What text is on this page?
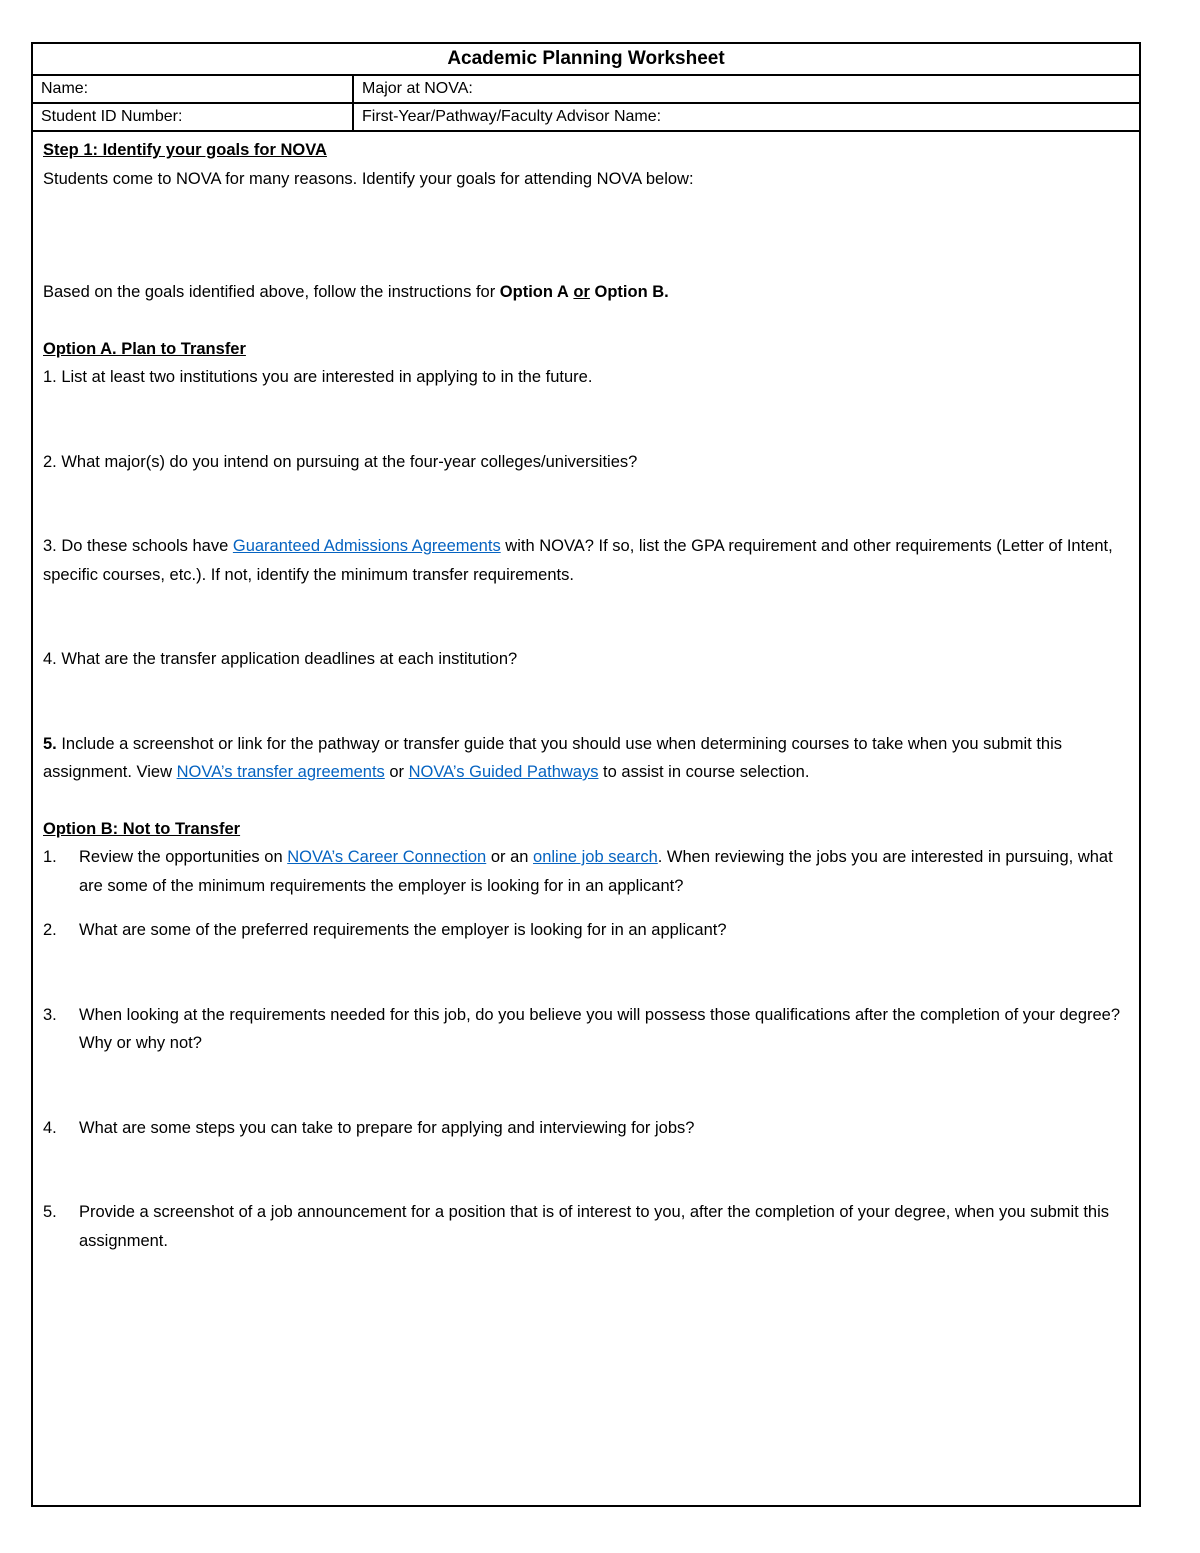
Academic Planning Worksheet
Name:	Major at NOVA:
Student ID Number:	First-Year/Pathway/Faculty Advisor Name:

Step 1: Identify your goals for NOVA

Students come to NOVA for many reasons. Identify your goals for attending NOVA below:

Based on the goals identified above, follow the instructions for Option A or Option B.

Option A. Plan to Transfer

1. List at least two institutions you are interested in applying to in the future.

2. What major(s) do you intend on pursuing at the four-year colleges/universities?

3. Do these schools have Guaranteed Admissions Agreements with NOVA? If so, list the GPA requirement and other requirements (Letter of Intent, specific courses, etc.). If not, identify the minimum transfer requirements.

4. What are the transfer application deadlines at each institution?

5. Include a screenshot or link for the pathway or transfer guide that you should use when determining courses to take when you submit this assignment. View NOVA’s transfer agreements or NOVA’s Guided Pathways to assist in course selection.

Option B: Not to Transfer

1.	Review the opportunities on NOVA’s Career Connection or an online job search. When reviewing the jobs you are interested in pursuing, what are some of the minimum requirements the employer is looking for in an applicant?
2.	What are some of the preferred requirements the employer is looking for in an applicant?
3.	When looking at the requirements needed for this job, do you believe you will possess those qualifications after the completion of your degree? Why or why not?
4.	What are some steps you can take to prepare for applying and interviewing for jobs?
5.	Provide a screenshot of a job announcement for a position that is of interest to you, after the completion of your degree, when you submit this assignment.
